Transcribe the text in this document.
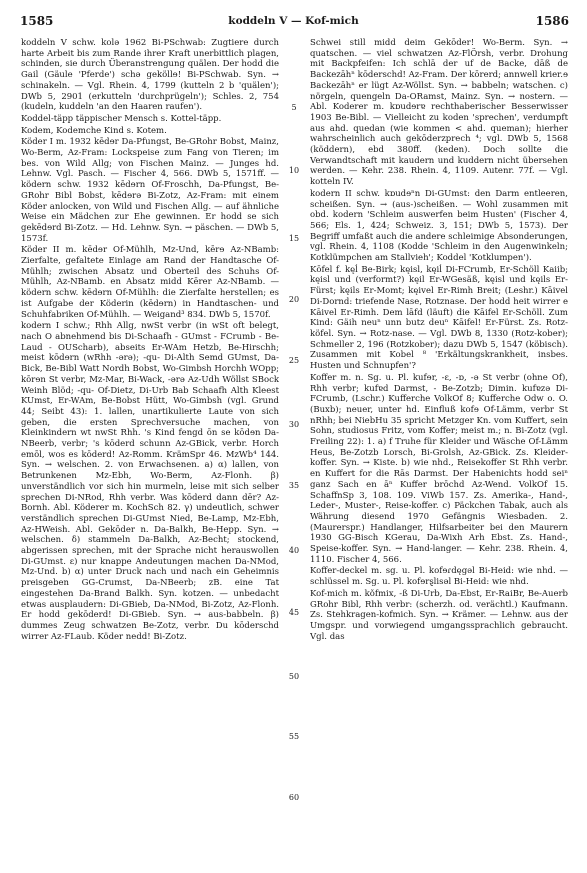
1585	koddeln V — Kof-mich	1586

koddeln V schw. kolə 1962 Bi-PSchwab: Zugtiere durch harte Arbeit bis zum Rande ihrer Kraft unerbittlich plagen, schinden, sie durch Überanstrengung quälen. Der hodd die Gail (Gäule 'Pferde') schə geköllɘ! Bi-PSchwab. Syn. → schinakeln. — Vgl. Rhein. 4, 1799 (kutteln 2 b 'quälen'); DWb 5, 2901 (erkutteln 'durchprügeln'); Schles. 2, 754 (kudeln, kuddeln 'an den Haaren raufen').

Koddel-täpp täppischer Mensch s. Kottel-täpp.

Kodem, Kodemche Kind s. Kotem.

Köder I m. 1932 kēdɘr Da-Pfungst, Be-GRohr Bobst, Mainz, Wo-Berm, Az-Fram: Lockspeise zum Fang von Tieren; im bes. von Wild Allg; von Fischen Mainz. — Junges hd. Lehnw. Vgl. Pasch. — Fischer 4, 566. DWb 5, 1571ff. — ködern schw. 1932 kēdɘrn Of-Froschh, Da-Pfungst, Be-GRohr Bibl Bobst, kēdɘrə Bi-Zotz, Az-Fram: mit einem Köder anlocken, von Wild und Fischen Allg. — auf ähnliche Weise ein Mädchen zur Ehe gewinnen. Er hodd se sich gekēdɘrd Bi-Zotz. — Hd. Lehnw. Syn. → päschen. — DWb 5, 1573f.

Köder II m. kēdɘr Of-Mühlh, Mz-Und, kērɘ Az-NBamb: Zierfalte, gefaltete Einlage am Rand der Handtasche Of-Mühlh; zwischen Absatz und Oberteil des Schuhs Of-Mühlh, Az-NBamb. en Absatz midd Kērer Az-NBamb. — ködern schw. kēdɘrn Of-Mühlh: die Zierfalte herstellen; es ist Aufgabe der Köderin (kēdɘrn) in Handtaschen- und Schuhfabriken Of-Mühlh. — Weigand³ 834. DWb 5, 1570f.

kodern I schw.; Rhh Allg, nwSt verbr (in wSt oft belegt, nach O abnehmend bis Di-Schaafh - GUmst - FCrumb - Be-Laud - OUScharb), abseits Er-WAm Hetzb, Be-Hirschh; meist kōdɘrn (wRhh -ərə); -qu- Di-Alth Semd GUmst, Da-Bick, Be-Bibl Watt Nordh Bobst, Wo-Gimbsh Horchh WOpp; kōrɘn St verbr, Mz-Mar, Bi-Wack, -ərə Az-Udh Wöllst SBock Weinh Blöd; -qu- Of-Dietz, Di-Urb Bab Schaafh Alth Kleest KUmst, Er-WAm, Be-Bobst Hütt, Wo-Gimbsh (vgl. Grund 44; Seibt 43): 1. lallen, unartikulierte Laute von sich geben, die ersten Sprechversuche machen, von Kleinkindern wt nwSt Rhh. 's Kind fengd ōn se kōdɘn Da-NBeerb, verbr; 's kōderd schunn Az-GBick, verbr. Horch emōl, wos es kōderd! Az-Romm. KrämSpr 46. MzWb⁴ 144. Syn. → welschen. 2. von Erwachsenen. a) α) lallen, von Betrunkenen Mz-Ebh, Wo-Berm, Az-Flonh. β) unverständlich vor sich hin murmeln, leise mit sich selber sprechen Di-NRod, Rhh verbr. Was kōderd dann dēr? Az-Bornh. Abl. Köderer m. KochSch 82. γ) undeutlich, schwer verständlich sprechen Di-GUmst Nied, Be-Lamp, Mz-Ebh, Az-HWeish. Abl. Gekōder n. Da-Balkh, Be-Hepp. Syn. → welschen. δ) stammeln Da-Balkh, Az-Becht; stockend, abgerissen sprechen, mit der Sprache nicht herauswollen Di-GUmst. ε) nur knappe Andeutungen machen Da-NMod, Mz-Und. b) α) unter Druck nach und nach ein Geheimnis preisgeben GG-Crumst, Da-NBeerb; zB. eine Tat eingestehen Da-Brand Balkh. Syn. kotzen. — unbedacht etwas ausplaudern: Di-GBieb, Da-NMod, Bi-Zotz, Az-Flonh. Er hodd gekōderd! Di-GBieb. Syn. → aus-babbeln. β) dummes Zeug schwatzen Be-Zotz, verbr. Du kōderschd wirrer Az-FLaub. Köder nedd! Bi-Zotz.

5
10
15
20
25
30
35
40
45
50
55
60

Schwei still midd deim Gekōder! Wo-Berm. Syn. → quatschen. — viel schwatzen Az-FlÖrsh, verbr. Drohung mit Backpfeifen: Ich schlā der uf de Backe, dāß de Backezāhⁿ kōdersch⁠d! Az-Fram. Der kōrerd; annwell krier.ɘ⁠ Backezāhⁿ er lügt Az-Wöllst. Syn. → babbeln; watschen. c) nörgeln, quengeln Da-ORamst, Mainz. Syn. → nostern. — Abl. Koderer m. kɒudɘrɐ rechthaberischer Besserwisser 1903 Be-Bibl. — Vielleicht zu koden 'sprechen', verdumpft aus ahd. quedan (wie kommen < ahd. queman); hierher wahrscheinlich auch gekōderzprech ⁴; vgl. DWb 5, 1568 (köddern), ebd 380ff. (keden). Doch sollte die Verwandtschaft mit kaudern und kuddern nicht übersehen werden. — Kehr. 238. Rhein. 4, 1109. Autenr. 77f. — Vgl. kotteln IV.

kodern II schw. kɒudɘⁿn Di-GUmst: den Darm entleeren, scheißen. Syn. → (aus-)scheißen. — Wohl zusammen mit obd. kodern 'Schleim auswerfen beim Husten' (Fischer 4, 566; Els. 1, 424; Schweiz. 3, 151; DWb 5, 1573). Der Begriff umfaßt auch die andere schleimige Absonderungen, vgl. Rhein. 4, 1108 (Kodde 'Schleim in den Augenwinkeln; Kotklümpchen am Stallvieh'; Koddel 'Kotklumpen').

Kōfel f. kęĺ⁠ Be-Birk; kęisl, kęiĺ Di-FCrumb, Er-Schöll Kaiib; kęisl und (verformt?) kęil Er-WGesäß, kęisl und kęils Er-Fürst; kęils Er-Momt; kęivel Er-Rimh Breit; (Leshr.) Kāivel Di-Dornd: triefende Nase, Rotznase. Der hodd heit wirrer e Kāivel Er-Rimh. Dem lāfd (läuft) die Kāifel Er-Schöll. Zum Kind: Gäih neuⁿ unn butz deuⁿ Kāifel! Er-Fürst. Zs. Rotz-köfel. Syn. → Rotz-nase. — Vgl. DWb 8, 1330 (Rotz-kober); Schmeller 2, 196 (Rotzkober); dazu DWb 5, 1547 (köbisch). Zusammen mit Kobel ⁸ 'Erkältungskrankheit, insbes. Husten und Schnupfen'?

Koffer m. n. Sg. u. Pl. kufɘr, -ɛ, -ɒ, -ə St verbr (ohne Of), Rhh verbr; kufɐd Darmst, - Be-Zotzb; Dimin. kufɐzə Di-FCrumb, (Lschr.) Kufferche VolkOf 8; Kuf⁠ferche Odw o. O. (Buxb); neuer, unter hd. Einfluß kofɘ Of-Lämm, verbr St nRhh; bei NiebHu 35 spricht Metzger Kn. vom Kuffert, sein Sohn, studiosus Fritz, vom Koffer; meist m.; n. Bi-Zotz (vgl. Freiling 22): 1. a) f Truhe für Kleider und Wäsche Of-Lämm Heus, Be-Zotzb Lorsch, Bi-Grolsh, Az-GBick. Zs. Kleider-koffer. Syn. → Kiste. b) wie nhd., Reisekoffer St Rhh verbr. en Kuffert for die Rās Darmst. Der Habenichts hodd seiⁿ ganz Sach en āⁿ Kuffer brōchd Az-Wend. VolkOf 15. SchaffnSp 3, 108. 109. ViWb 157. Zs. Amerika-, Hand-, Leder-, Muster-, Reise-koffer. c) Päckchen Tabak, auch als Währung diesend 1970 Gefängnis Wiesbaden. 2. (Maurerspr.) Handlanger, Hilfsarbeiter bei den Maurern 1930 GG-Bisch KGerau, Da-Wixh Arh Ebst. Zs. Hand-, Speise-koffer. Syn. → Hand-langer. — Kehr. 238. Rhein. 4, 1110. Fischer 4, 566.

Koffer-deckel m. sg. u. Pl. kofɘ⁠ɾdęgəl Bi-Heid: wie nhd. —schlüssel m. Sg. u. Pl. kofɘrȿlisəl Bi-Heid: wie nhd.

Kof-mich m. kǒfmix, -ß Di-Urb, Da-Ebst, Er-RaiBr, Be-Auerb GRohr Bibl, Rhh verbr: (scherzh. od. verächtl.) Kaufmann. Zs. Stehkragen-kofmich. Syn. → Krämer. — Lehnw. aus der Umgspr. und vorwiegend umgangssprachlich gebraucht. Vgl. das
